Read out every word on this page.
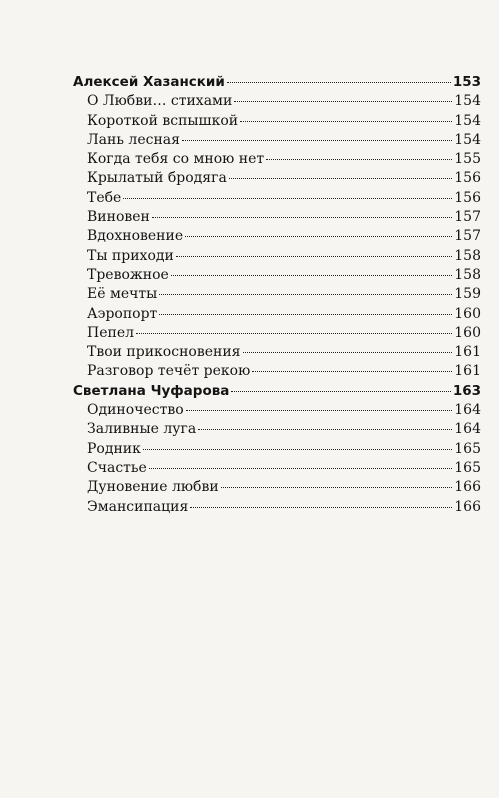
Алексей Хазанский	153
О Любви… стихами	154
Короткой вспышкой	154
Лань лесная	154
Когда тебя со мною нет	155
Крылатый бродяга	156
Тебе	156
Виновен	157
Вдохновение	157
Ты приходи	158
Тревожное	158
Её мечты	159
Аэропорт	160
Пепел	160
Твои прикосновения	161
Разговор течёт рекою	161
Светлана Чуфарова	163
Одиночество	164
Заливные луга	164
Родник	165
Счастье	165
Дуновение любви	166
Эмансипация	166
